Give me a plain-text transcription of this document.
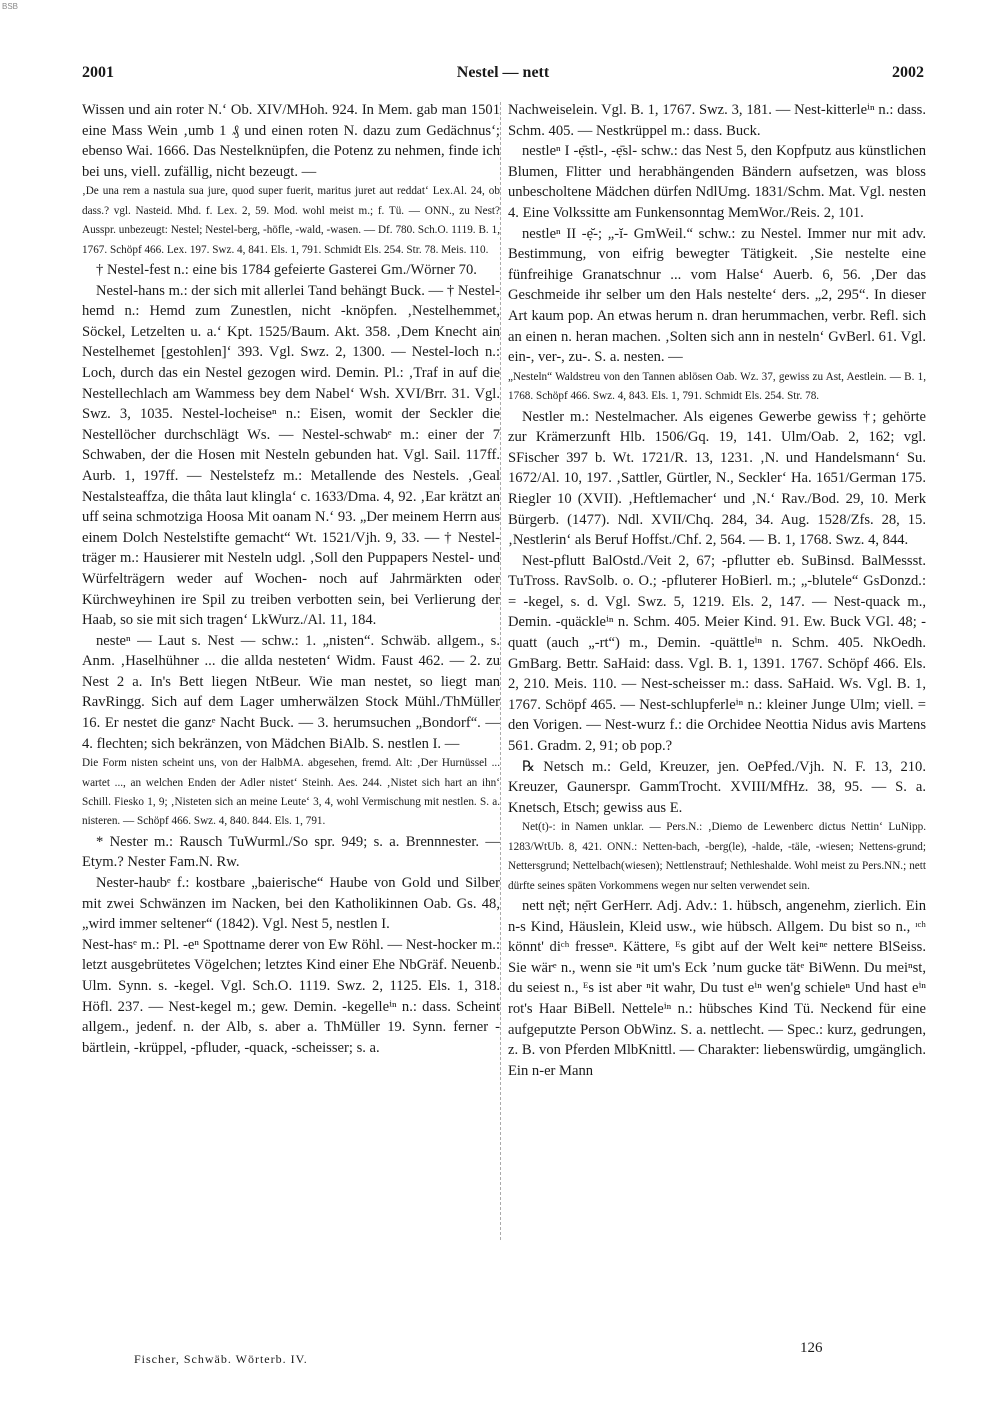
BSB
2001	Nestel — nett	2002

Wissen und ain roter N.‘ Ob. XIV/MHoh. 924. In Mem. gab man 1501 eine Mass Wein ‚umb 1 ₰ und einen roten N. dazu zum Gedächnus‘; ebenso Wai. 1666. Das Nestelknüpfen, die Potenz zu nehmen, finde ich bei uns, viell. zufällig, nicht bezeugt. —

‚De una rem a nastula sua jure, quod super fuerit, maritus juret aut reddat‘ Lex.Al. 24, ob dass.? vgl. Nasteid. Mhd. f. Lex. 2, 59. Mod. wohl meist m.; f. Tü. — ONN., zu Nest? Ausspr. unbezeugt: Nestel; Nestel-berg, -höfle, -wald, -wasen. — Df. 780. Sch.O. 1119. B. 1, 1767. Schöpf 466. Lex. 197. Swz. 4, 841. Els. 1, 791. Schmidt Els. 254. Str. 78. Meis. 110.

† Nestel-fest n.: eine bis 1784 gefeierte Gasterei Gm./Wörner 70.

Nestel-hans m.: der sich mit allerlei Tand behängt Buck. — † Nestel-hemd n.: Hemd zum Zunestlen, nicht -knöpfen. ‚Nestelhemmet, Söckel, Letzelten u. a.‘ Kpt. 1525/Baum. Akt. 358. ‚Dem Knecht ain Nestelhemet [gestohlen]‘ 393. Vgl. Swz. 2, 1300. — Nestel-loch n.: Loch, durch das ein Nestel gezogen wird. Demin. Pl.: ‚Traf in auf die Nestellechlach am Wammess bey dem Nabel‘ Wsh. XVI/Brr. 31. Vgl. Swz. 3, 1035. Nestel-locheiseⁿ n.: Eisen, womit der Seckler die Nestellöcher durchschlägt Ws. — Nestel-schwabᵉ m.: einer der 7 Schwaben, der die Hosen mit Nesteln gebunden hat. Vgl. Sail. 117ff. Aurb. 1, 197ff. — Nestelstefz m.: Metallende des Nestels. ‚Geal Nestalsteaffza, die thâta laut klingla‘ c. 1633/Dma. 4, 92. ‚Ear krätzt an uff seina schmotziga Hoosa Mit oanam N.‘ 93. „Der meinem Herrn aus einem Dolch Nestelstifte gemacht“ Wt. 1521/Vjh. 9, 33. — † Nestel-träger m.: Hausierer mit Nesteln udgl. ‚Soll den Puppapers Nestel- und Würfelträgern weder auf Wochen- noch auf Jahrmärkten oder Kürchweyhinen ire Spil zu treiben verbotten sein, bei Verlierung der Haab, so sie mit sich tragen‘ LkWurz./Al. 11, 184.

nesteⁿ — Laut s. Nest — schw.: 1. „nisten“. Schwäb. allgem., s. Anm. ‚Haselhühner ... die allda nesteten‘ Widm. Faust 462. — 2. zu Nest 2 a. In's Bett liegen NtBeur. Wie man nestet, so liegt man RavRingg. Sich auf dem Lager umherwälzen Stock Mühl./ThMüller 16. Er nestet die ganzᵉ Nacht Buck. — 3. herumsuchen „Bondorf“. — 4. flechten; sich bekränzen, von Mädchen BiAlb. S. nestlen I. —

Die Form nisten scheint uns, von der HalbMA. abgesehen, fremd. Alt: ‚Der Hurnüssel ... wartet ..., an welchen Enden der Adler nistet‘ Steinh. Aes. 244. ‚Nistet sich hart an ihn‘ Schill. Fiesko 1, 9; ‚Nisteten sich an meine Leute‘ 3, 4, wohl Vermischung mit nestlen. S. a. nisteren. — Schöpf 466. Swz. 4, 840. 844. Els. 1, 791.

* Nester m.: Rausch TuWurml./So spr. 949; s. a. Brennnester. — Etym.? Nester Fam.N. Rw.

Nester-haubᵉ f.: kostbare „baierische“ Haube von Gold und Silber mit zwei Schwänzen im Nacken, bei den Katholikinnen Oab. Gs. 48, „wird immer seltener“ (1842). Vgl. Nest 5, nestlen I.

Nest-hasᵉ m.: Pl. -eⁿ Spottname derer von Ew Röhl. — Nest-hocker m.: letzt ausgebrütetes Vögelchen; letztes Kind einer Ehe NbGräf. Neuenb. Ulm. Synn. s. -kegel. Vgl. Sch.O. 1119. Swz. 2, 1125. Els. 1, 318. Höfl. 237. — Nest-kegel m.; gew. Demin. -kegelleⁱⁿ n.: dass. Scheint allgem., jedenf. n. der Alb, s. aber a. ThMüller 19. Synn. ferner -bärtlein, -krüppel, -pfluder, -quack, -scheisser; s. a.

Nachweiselein. Vgl. B. 1, 1767. Swz. 3, 181. — Nest-kitterleⁱⁿ n.: dass. Schm. 405. — Nestkrüppel m.: dass. Buck.

nestleⁿ I -ẹ̄stl-, -ẹ̄sl- schw.: das Nest 5, den Kopfputz aus künstlichen Blumen, Flitter und herabhängenden Bändern aufsetzen, was bloss unbescholtene Mädchen dürfen NdlUmg. 1831/Schm. Mat. Vgl. nesten 4. Eine Volkssitte am Funkensonntag MemWor./Reis. 2, 101.

nestleⁿ II -ẹ̆-; „-ĭ- GmWeil.“ schw.: zu Nestel. Immer nur mit adv. Bestimmung, von eifrig bewegter Tätigkeit. ‚Sie nestelte eine fünfreihige Granatschnur ... vom Halse‘ Auerb. 6, 56. ‚Der das Geschmeide ihr selber um den Hals nestelte‘ ders. „2, 295“. In dieser Art kaum pop. An etwas herum n. dran herummachen, verbr. Refl. sich an einen n. heran machen. ‚Solten sich ann in nesteln‘ GvBerl. 61. Vgl. ein-, ver-, zu-. S. a. nesten. —

„Nesteln“ Waldstreu von den Tannen ablösen Oab. Wz. 37, gewiss zu Ast, Aestlein. — B. 1, 1768. Schöpf 466. Swz. 4, 843. Els. 1, 791. Schmidt Els. 254. Str. 78.

Nestler m.: Nestelmacher. Als eigenes Gewerbe gewiss †; gehörte zur Krämerzunft Hlb. 1506/Gq. 19, 141. Ulm/Oab. 2, 162; vgl. SFischer 397 b. Wt. 1721/R. 13, 1231. ‚N. und Handelsmann‘ Su. 1672/Al. 10, 197. ‚Sattler, Gürtler, N., Seckler‘ Ha. 1651/German 175. Riegler 10 (XVII). ‚Heftlemacher‘ und ‚N.‘ Rav./Bod. 29, 10. Merk Bürgerb. (1477). Ndl. XVII/Chq. 284, 34. Aug. 1528/Zfs. 28, 15. ‚Nestlerin‘ als Beruf Hoffst./Chf. 2, 564. — B. 1, 1768. Swz. 4, 844.

Nest-pflutt BalOstd./Veit 2, 67; -pflutter eb. SuBinsd. BalMessst. TuTross. RavSolb. o. O.; -pfluterer HoBierl. m.; „-blutele“ GsDonzd.: = -kegel, s. d. Vgl. Swz. 5, 1219. Els. 2, 147. — Nest-quack m., Demin. -quäckleⁱⁿ n. Schm. 405. Meier Kind. 91. Ew. Buck VGl. 48; -quatt (auch „-rt“) m., Demin. -quättleⁱⁿ n. Schm. 405. NkOedh. GmBarg. Bettr. SaHaid: dass. Vgl. B. 1, 1391. 1767. Schöpf 466. Els. 2, 210. Meis. 110. — Nest-scheisser m.: dass. SaHaid. Ws. Vgl. B. 1, 1767. Schöpf 465. — Nest-schlupferleⁱⁿ n.: kleiner Junge Ulm; viell. = den Vorigen. — Nest-wurz f.: die Orchidee Neottia Nidus avis Martens 561. Gradm. 2, 91; ob pop.?

℞ Netsch m.: Geld, Kreuzer, jen. OePfed./Vjh. N. F. 13, 210. Kreuzer, Gaunerspr. GammTrocht. XVIII/MfHz. 38, 95. — S. a. Knetsch, Etsch; gewiss aus E.

Net(t)-: in Namen unklar. — Pers.N.: ‚Diemo de Lewenberc dictus Nettin‘ LuNipp. 1283/WtUb. 8, 421. ONN.: Netten-bach, -berg(le), -halde, -täle, -wiesen; Nettens-grund; Nettersgrund; Nettelbach(wiesen); Nettlenstrauf; Nethleshalde. Wohl meist zu Pers.NN.; nett dürfte seines späten Vorkommens wegen nur selten verwendet sein.

nett nẹ̆t; nẹ̄rt GerHerr. Adj. Adv.: 1. hübsch, angenehm, zierlich. Ein n-s Kind, Häuslein, Kleid usw., wie hübsch. Allgem. Du bist so n., ᶦᶜʰ könnt' diᶜʰ fresseⁿ. Kättere, ᴱs gibt auf der Welt keiⁿᵉ nettere BlSeiss. Sie wärᵉ n., wenn sie ⁿit um's Eck ’num gucke tätᵉ BiWenn. Du meiⁿst, du seiest n., ᴱs ist aber ⁿit wahr, Du tust eⁱⁿ wen'g schieleⁿ Und hast eⁱⁿ rot's Haar BiBell. Netteleⁱⁿ n.: hübsches Kind Tü. Neckend für eine aufgeputzte Person ObWinz. S. a. nettlecht. — Spec.: kurz, gedrungen, z. B. von Pferden MlbKnittl. — Charakter: liebenswürdig, umgänglich. Ein n-er Mann

Fischer, Schwäb. Wörterb. IV.
126
